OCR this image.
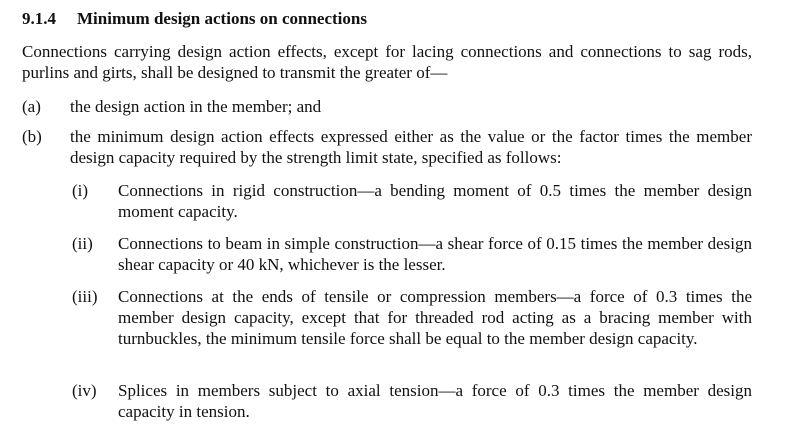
9.1.4 Minimum design actions on connections
Connections carrying design action effects, except for lacing connections and connections to sag rods, purlins and girts, shall be designed to transmit the greater of—
(a) the design action in the member; and
(b) the minimum design action effects expressed either as the value or the factor times the member design capacity required by the strength limit state, specified as follows:
(i) Connections in rigid construction—a bending moment of 0.5 times the member design moment capacity.
(ii) Connections to beam in simple construction—a shear force of 0.15 times the member design shear capacity or 40 kN, whichever is the lesser.
(iii) Connections at the ends of tensile or compression members—a force of 0.3 times the member design capacity, except that for threaded rod acting as a bracing member with turnbuckles, the minimum tensile force shall be equal to the member design capacity.
(iv) Splices in members subject to axial tension—a force of 0.3 times the member design capacity in tension.
